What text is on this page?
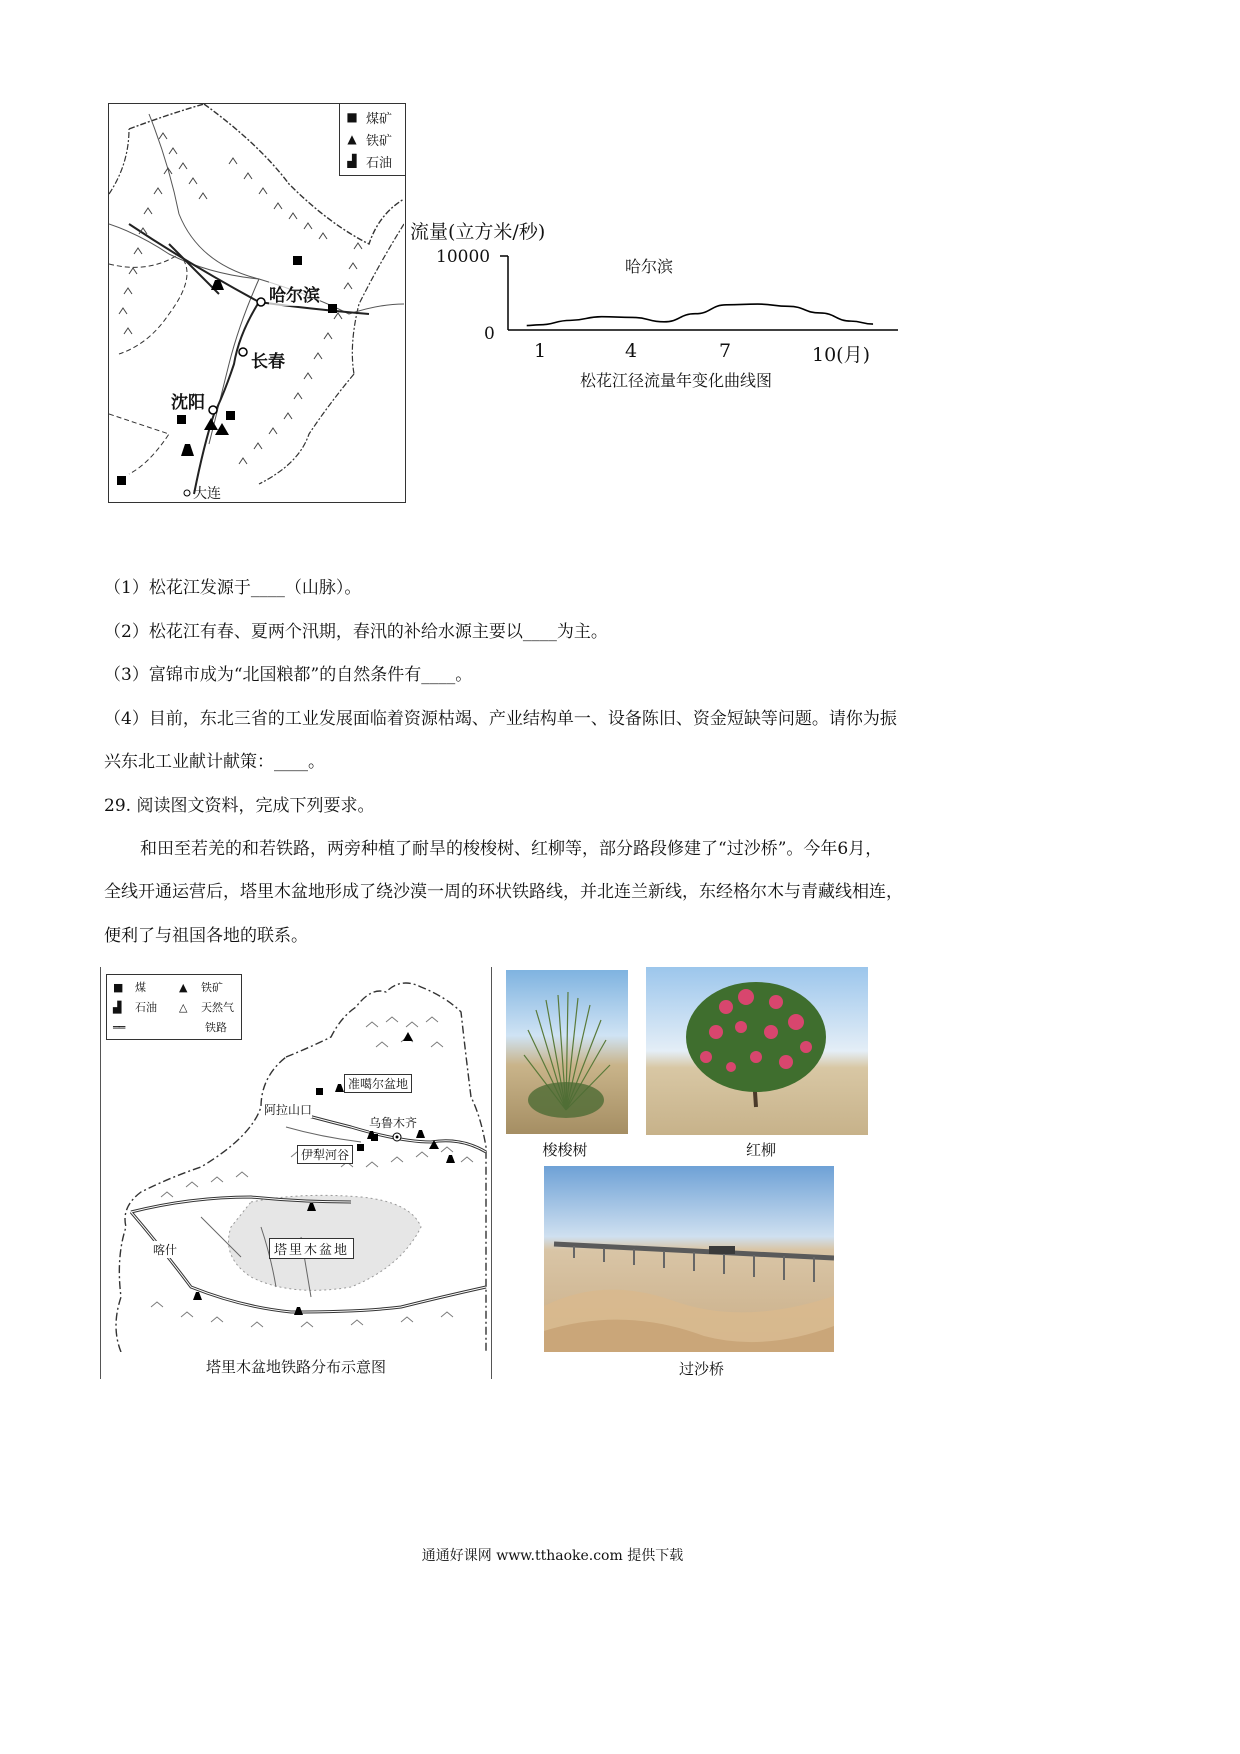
■ 煤矿
▲ 铁矿
▟ 石油
哈尔滨
长春
沈阳
大连
流量(立方米/秒)
哈尔滨
10000
0
1	4	7	10(月)
松花江径流量年变化曲线图
（1）松花江发源于____（山脉）。
（2）松花江有春、夏两个汛期，春汛的补给水源主要以____为主。
（3）富锦市成为“北国粮都”的自然条件有____。
（4）目前，东北三省的工业发展面临着资源枯竭、产业结构单一、设备陈旧、资金短缺等问题。请你为振
兴东北工业献计献策：____。
29. 阅读图文资料，完成下列要求。
和田至若羌的和若铁路，两旁种植了耐旱的梭梭树、红柳等，部分路段修建了“过沙桥”。今年6月，
全线开通运营后，塔里木盆地形成了绕沙漠一周的环状铁路线，并北连兰新线，东经格尔木与青藏线相连，
便利了与祖国各地的联系。
■	煤	▲	铁矿
▟	石油 △	天然气
══	铁路
准噶尔盆地
阿拉山口
乌鲁木齐
伊犁河谷
喀什	塔里木盆地
塔里木盆地铁路分布示意图
梭梭树	红柳
过沙桥
通通好课网 www.tthaoke.com 提供下载
